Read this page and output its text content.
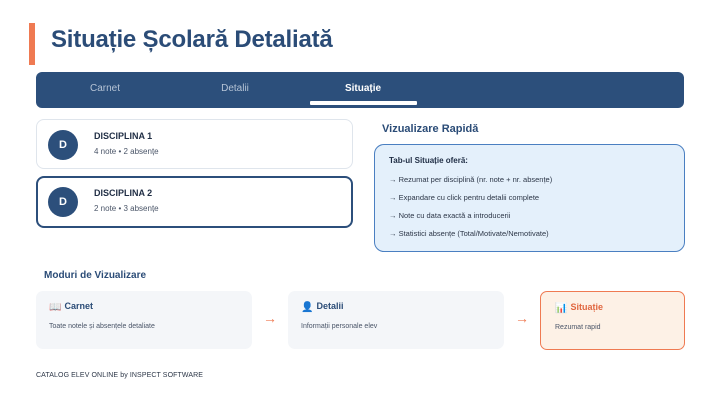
Situație Școlară Detaliată
Carnet	Detalii	Situație
D
DISCIPLINA 1
4 note • 2 absențe
D
DISCIPLINA 2
2 note • 3 absențe
Vizualizare Rapidă
Tab-ul Situație oferă:
→ Rezumat per disciplină (nr. note + nr. absențe)
→ Expandare cu click pentru detalii complete
→ Note cu data exactă a introducerii
→ Statistici absențe (Total/Motivate/Nemotivate)
Moduri de Vizualizare
📖 Carnet
Toate notele și absențele detaliate
→
👤 Detalii
Informații personale elev
→
📊 Situație
Rezumat rapid
CATALOG ELEV ONLINE by INSPECT SOFTWARE
